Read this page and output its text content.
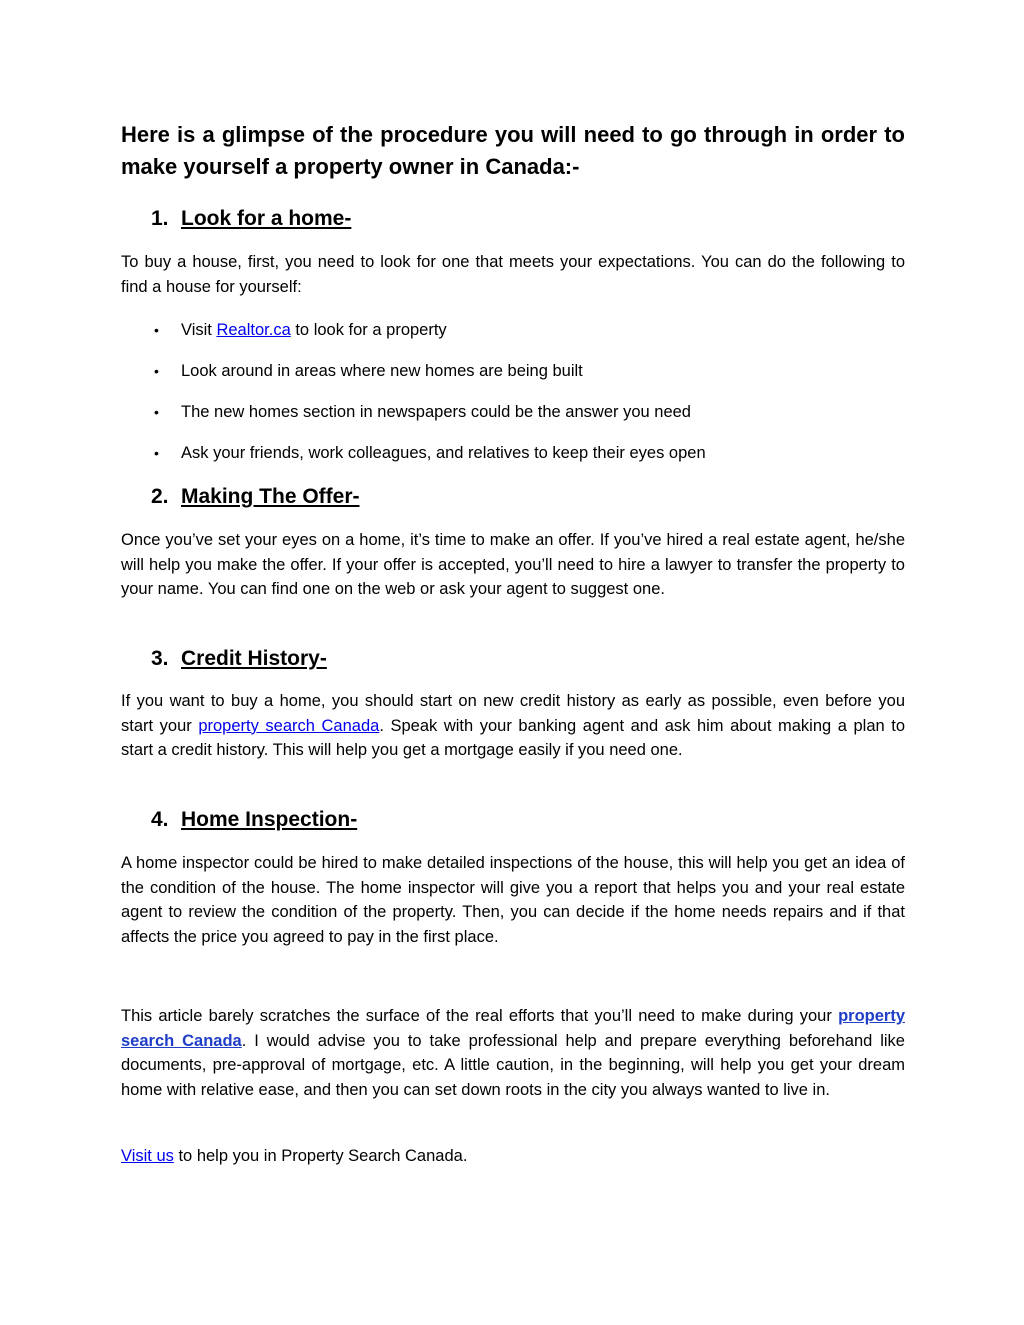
Here is a glimpse of the procedure you will need to go through in order to make yourself a property owner in Canada:-

1. Look for a home-

To buy a house, first, you need to look for one that meets your expectations. You can do the following to find a house for yourself:

• Visit Realtor.ca to look for a property
• Look around in areas where new homes are being built
• The new homes section in newspapers could be the answer you need
• Ask your friends, work colleagues, and relatives to keep their eyes open
2. Making The Offer-

Once you’ve set your eyes on a home, it’s time to make an offer. If you’ve hired a real estate agent, he/she will help you make the offer. If your offer is accepted, you’ll need to hire a lawyer to transfer the property to your name. You can find one on the web or ask your agent to suggest one.

3. Credit History-

If you want to buy a home, you should start on new credit history as early as possible, even before you start your property search Canada. Speak with your banking agent and ask him about making a plan to start a credit history. This will help you get a mortgage easily if you need one.

4. Home Inspection-

A home inspector could be hired to make detailed inspections of the house, this will help you get an idea of the condition of the house. The home inspector will give you a report that helps you and your real estate agent to review the condition of the property. Then, you can decide if the home needs repairs and if that affects the price you agreed to pay in the first place.

This article barely scratches the surface of the real efforts that you’ll need to make during your property search Canada. I would advise you to take professional help and prepare everything beforehand like documents, pre-approval of mortgage, etc. A little caution, in the beginning, will help you get your dream home with relative ease, and then you can set down roots in the city you always wanted to live in.

Visit us to help you in Property Search Canada.
